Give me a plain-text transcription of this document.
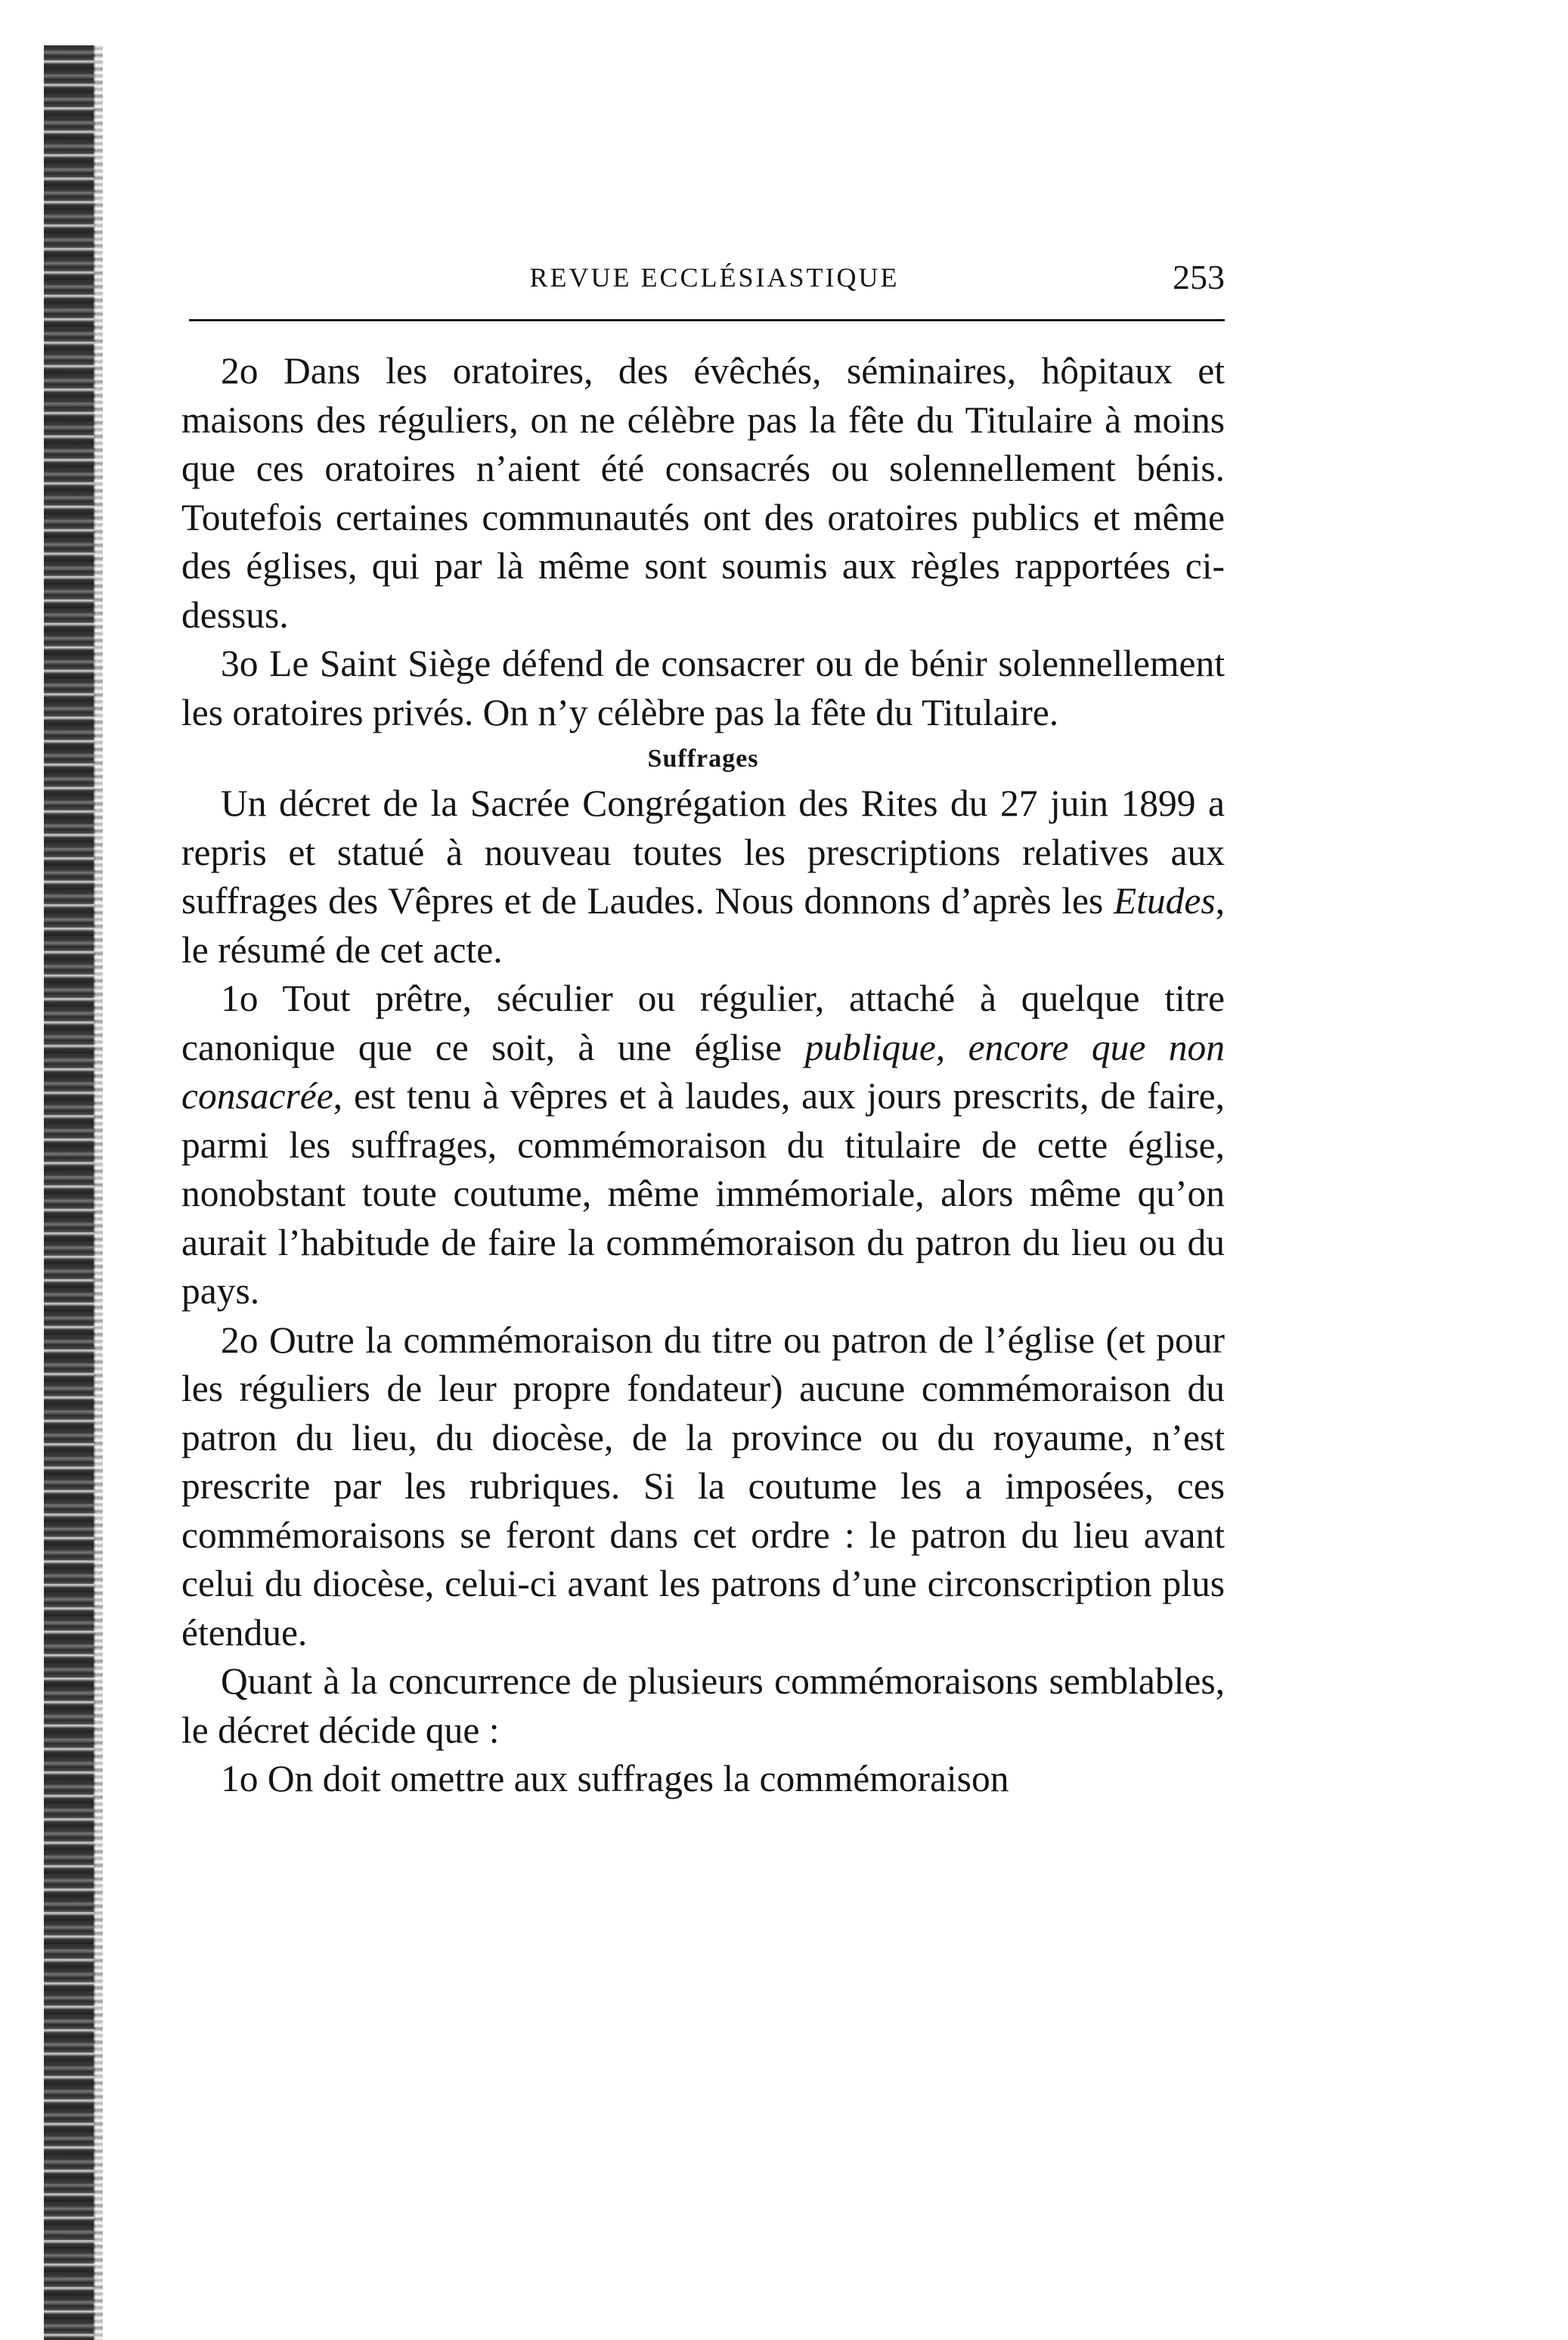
REVUE ECCLÉSIASTIQUE	253

2o Dans les oratoires, des évêchés, séminaires, hôpitaux et maisons des réguliers, on ne célèbre pas la fête du Titulaire à moins que ces oratoires n’aient été consacrés ou solennellement bénis. Toutefois certaines communautés ont des oratoires publics et même des églises, qui par là même sont soumis aux règles rapportées ci-dessus.

3o Le Saint Siège défend de consacrer ou de bénir solennellement les oratoires privés. On n’y célèbre pas la fête du Titulaire.

Suffrages

Un décret de la Sacrée Congrégation des Rites du 27 juin 1899 a repris et statué à nouveau toutes les prescriptions relatives aux suffrages des Vêpres et de Laudes. Nous donnons d’après les Etudes, le résumé de cet acte.

1o Tout prêtre, séculier ou régulier, attaché à quelque titre canonique que ce soit, à une église publique, encore que non consacrée, est tenu à vêpres et à laudes, aux jours prescrits, de faire, parmi les suffrages, commémoraison du titulaire de cette église, nonobstant toute coutume, même immémoriale, alors même qu’on aurait l’habitude de faire la commémoraison du patron du lieu ou du pays.

2o Outre la commémoraison du titre ou patron de l’église (et pour les réguliers de leur propre fondateur) aucune commémoraison du patron du lieu, du diocèse, de la province ou du royaume, n’est prescrite par les rubriques. Si la coutume les a imposées, ces commémoraisons se feront dans cet ordre : le patron du lieu avant celui du diocèse, celui-ci avant les patrons d’une circonscription plus étendue.

Quant à la concurrence de plusieurs commémoraisons semblables, le décret décide que :

1o On doit omettre aux suffrages la commémoraison
